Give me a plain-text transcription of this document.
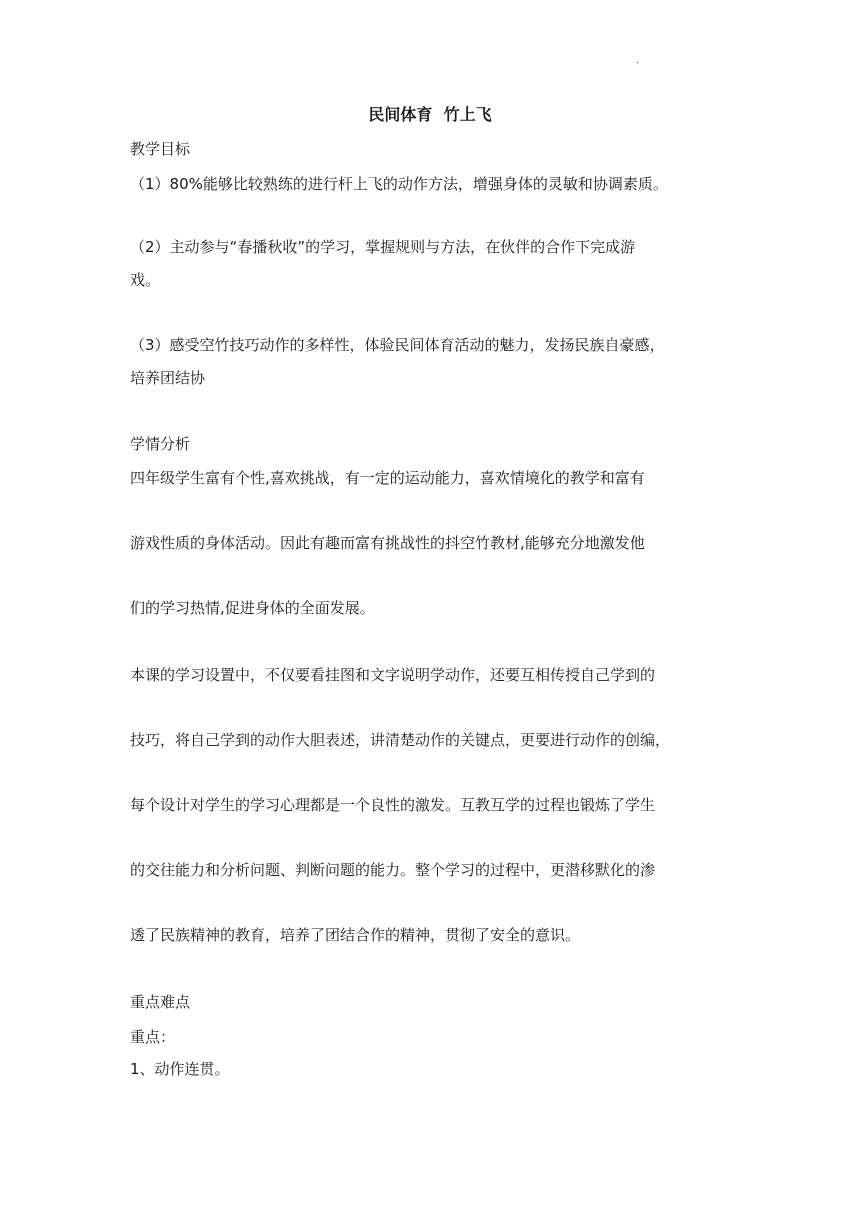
.
民间体育  竹上飞
教学目标
（1）80%能够比较熟练的进行杆上飞的动作方法，增强身体的灵敏和协调素质。
（2）主动参与“春播秋收”的学习，掌握规则与方法，在伙伴的合作下完成游
戏。
（3）感受空竹技巧动作的多样性，体验民间体育活动的魅力，发扬民族自豪感，
培养团结协
学情分析
四年级学生富有个性,喜欢挑战，有一定的运动能力，喜欢情境化的教学和富有
游戏性质的身体活动。因此有趣而富有挑战性的抖空竹教材,能够充分地激发他
们的学习热情,促进身体的全面发展。
本课的学习设置中，不仅要看挂图和文字说明学动作，还要互相传授自己学到的
技巧，将自己学到的动作大胆表述，讲清楚动作的关键点，更要进行动作的创编，
每个设计对学生的学习心理都是一个良性的激发。互教互学的过程也锻炼了学生
的交往能力和分析问题、判断问题的能力。整个学习的过程中，更潜移默化的渗
透了民族精神的教育，培养了团结合作的精神，贯彻了安全的意识。
重点难点
重点：
1、动作连贯。
